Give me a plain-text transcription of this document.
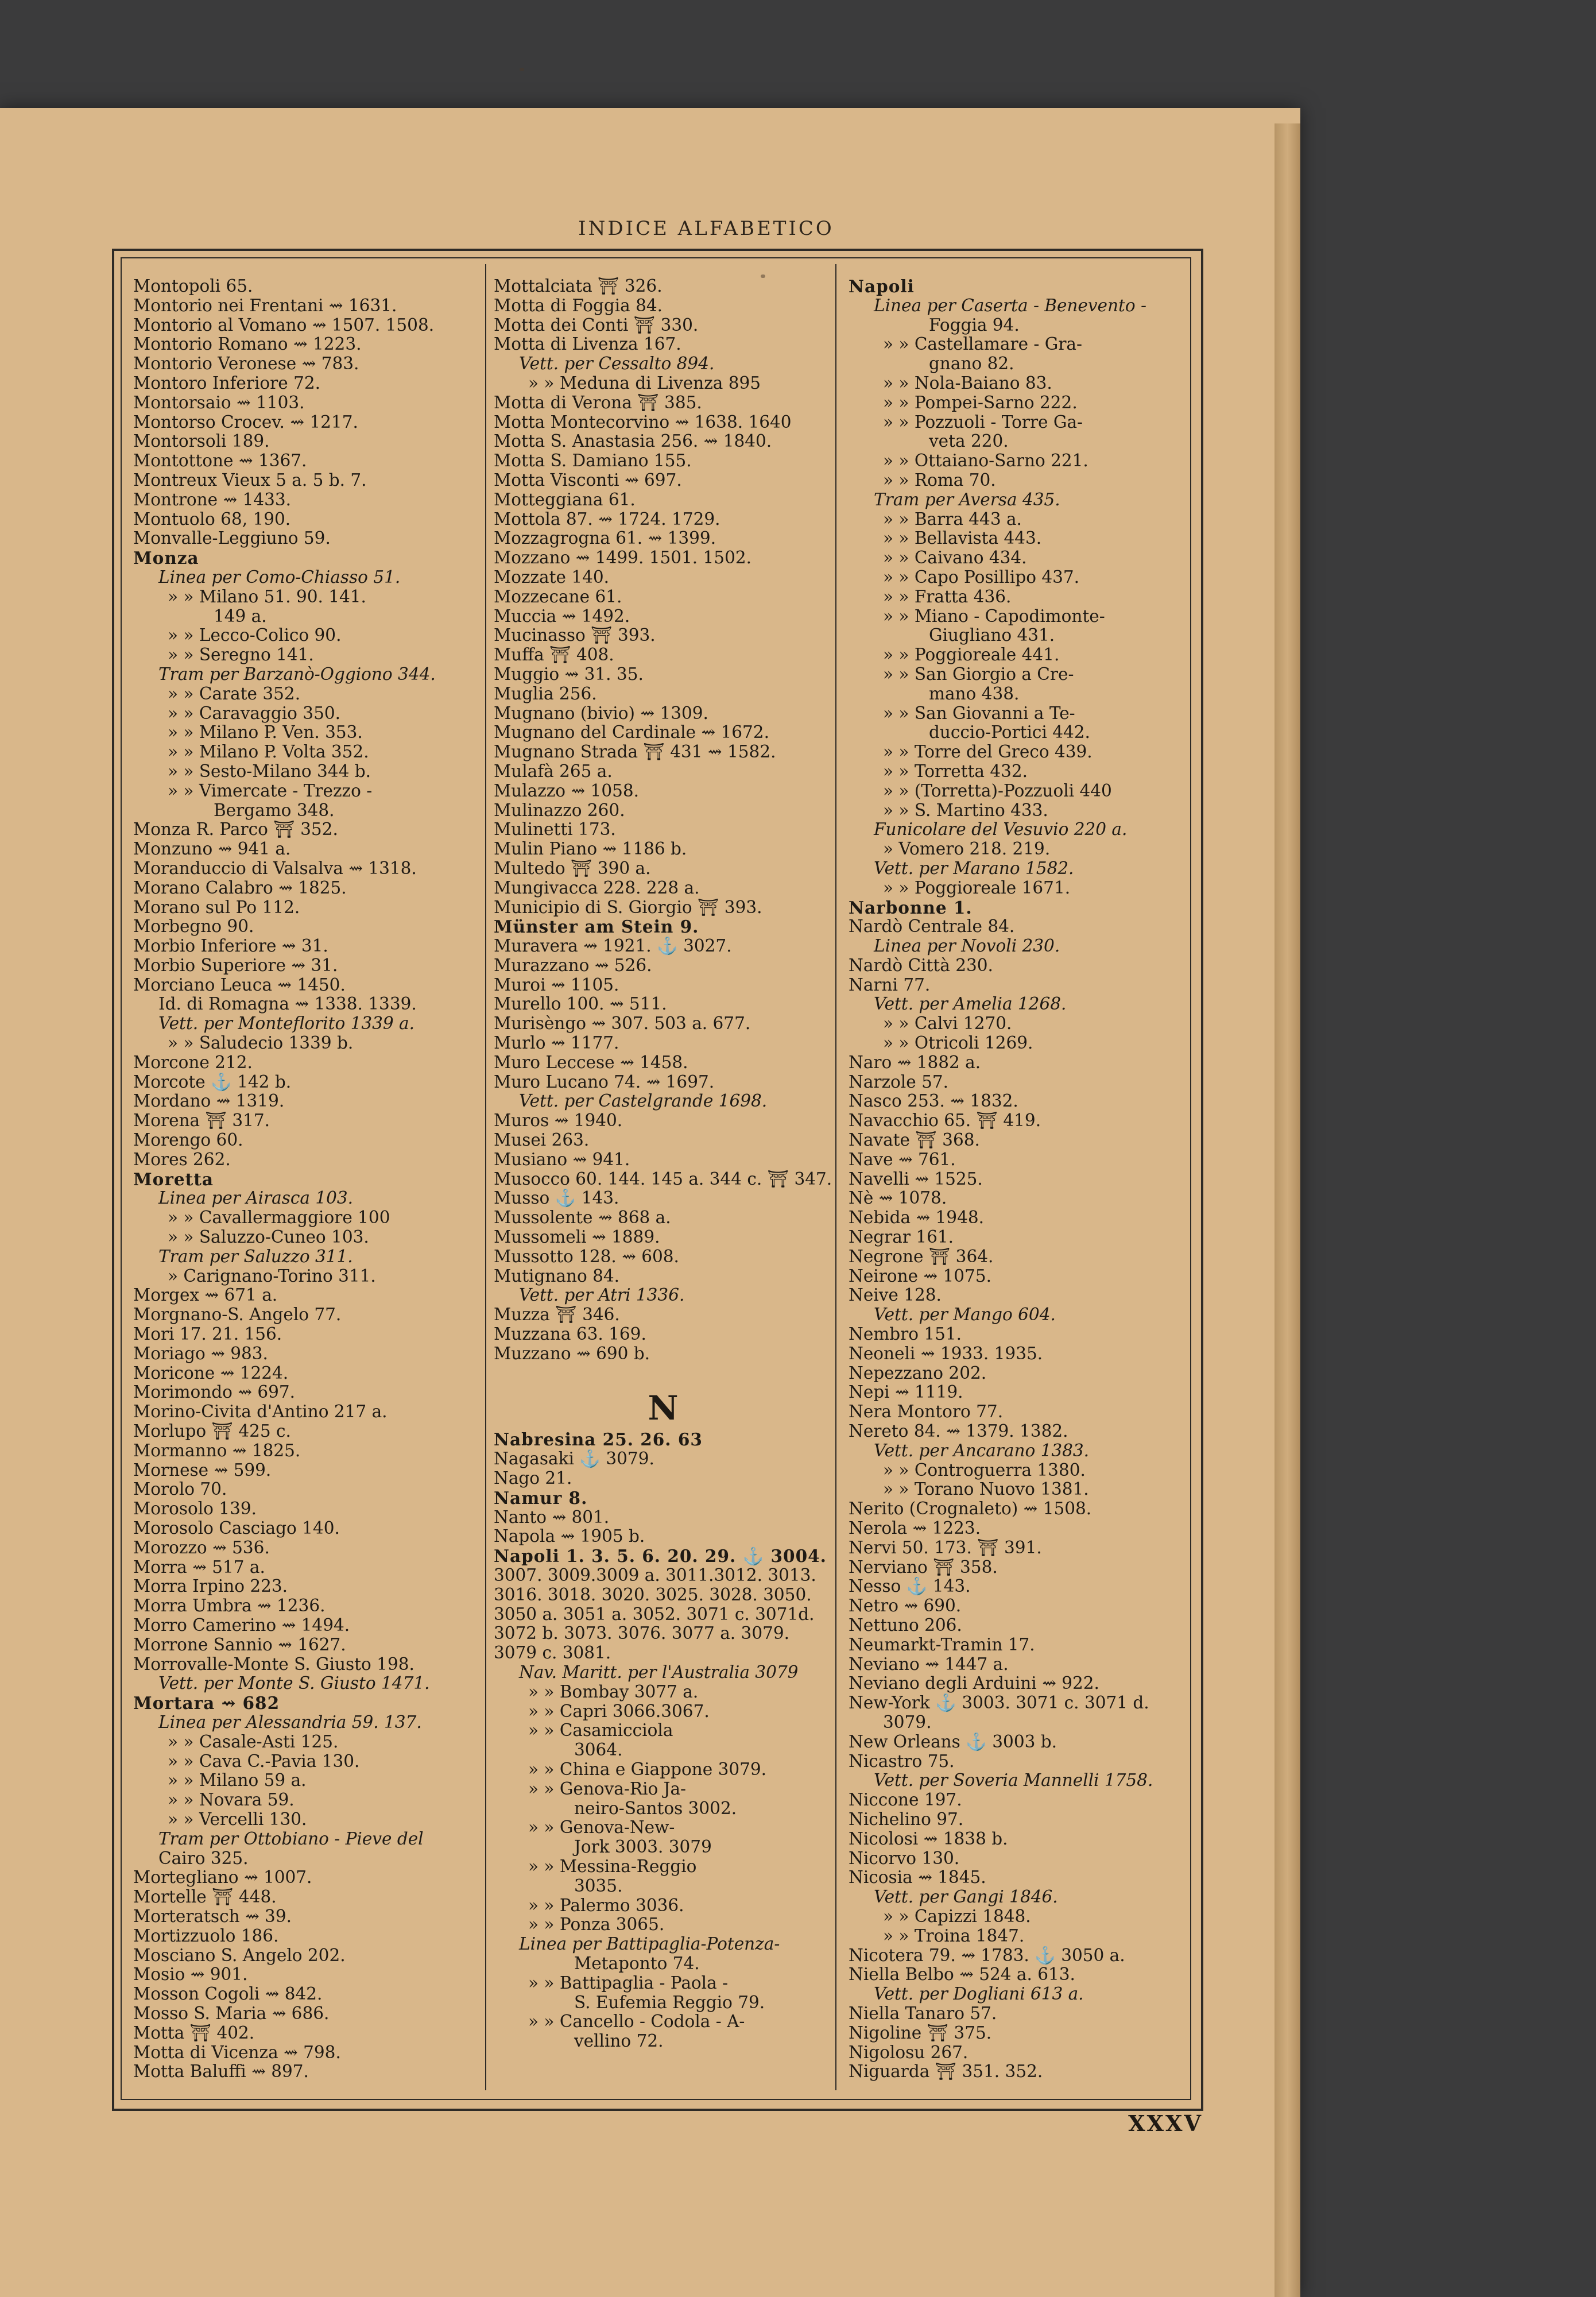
INDICE ALFABETICO
Montopoli 65.
Montorio nei Frentani ⇝ 1631.
Montorio al Vomano ⇝ 1507. 1508.
Montorio Romano ⇝ 1223.
Montorio Veronese ⇝ 783.
Montoro Inferiore 72.
Montorsaio ⇝ 1103.
Montorso Crocev. ⇝ 1217.
Montorsoli 189.
Montottone ⇝ 1367.
Montreux Vieux 5 a. 5 b. 7.
Montrone ⇝ 1433.
Montuolo 68, 190.
Monvalle-Leggiuno 59.
Monza
Linea per Como-Chiasso 51.
» » Milano 51. 90. 141.
149 a.
» » Lecco-Colico 90.
» » Seregno 141.
Tram per Barzanò-Oggiono 344.
» » Carate 352.
» » Caravaggio 350.
» » Milano P. Ven. 353.
» » Milano P. Volta 352.
» » Sesto-Milano 344 b.
» » Vimercate - Trezzo -
Bergamo 348.
Monza R. Parco ⛩ 352.
Monzuno ⇝ 941 a.
Moranduccio di Valsalva ⇝ 1318.
Morano Calabro ⇝ 1825.
Morano sul Po 112.
Morbegno 90.
Morbio Inferiore ⇝ 31.
Morbio Superiore ⇝ 31.
Morciano Leuca ⇝ 1450.
Id. di Romagna ⇝ 1338. 1339.
Vett. per Monteflorito 1339 a.
» » Saludecio 1339 b.
Morcone 212.
Morcote ⚓ 142 b.
Mordano ⇝ 1319.
Morena ⛩ 317.
Morengo 60.
Mores 262.
Moretta
Linea per Airasca 103.
» » Cavallermaggiore 100
» » Saluzzo-Cuneo 103.
Tram per Saluzzo 311.
» Carignano-Torino 311.
Morgex ⇝ 671 a.
Morgnano-S. Angelo 77.
Mori 17. 21. 156.
Moriago ⇝ 983.
Moricone ⇝ 1224.
Morimondo ⇝ 697.
Morino-Civita d'Antino 217 a.
Morlupo ⛩ 425 c.
Mormanno ⇝ 1825.
Mornese ⇝ 599.
Morolo 70.
Morosolo 139.
Morosolo Casciago 140.
Morozzo ⇝ 536.
Morra ⇝ 517 a.
Morra Irpino 223.
Morra Umbra ⇝ 1236.
Morro Camerino ⇝ 1494.
Morrone Sannio ⇝ 1627.
Morrovalle-Monte S. Giusto 198.
Vett. per Monte S. Giusto 1471.
Mortara ⇝ 682
Linea per Alessandria 59. 137.
» » Casale-Asti 125.
» » Cava C.-Pavia 130.
» » Milano 59 a.
» » Novara 59.
» » Vercelli 130.
Tram per Ottobiano - Pieve del
Cairo 325.
Mortegliano ⇝ 1007.
Mortelle ⛩ 448.
Morteratsch ⇝ 39.
Mortizzuolo 186.
Mosciano S. Angelo 202.
Mosio ⇝ 901.
Mosson Cogoli ⇝ 842.
Mosso S. Maria ⇝ 686.
Motta ⛩ 402.
Motta di Vicenza ⇝ 798.
Motta Baluffi ⇝ 897.
Mottalciata ⛩ 326.
Motta di Foggia 84.
Motta dei Conti ⛩ 330.
Motta di Livenza 167.
Vett. per Cessalto 894.
» » Meduna di Livenza 895
Motta di Verona ⛩ 385.
Motta Montecorvino ⇝ 1638. 1640
Motta S. Anastasia 256. ⇝ 1840.
Motta S. Damiano 155.
Motta Visconti ⇝ 697.
Motteggiana 61.
Mottola 87. ⇝ 1724. 1729.
Mozzagrogna 61. ⇝ 1399.
Mozzano ⇝ 1499. 1501. 1502.
Mozzate 140.
Mozzecane 61.
Muccia ⇝ 1492.
Mucinasso ⛩ 393.
Muffa ⛩ 408.
Muggio ⇝ 31. 35.
Muglia 256.
Mugnano (bivio) ⇝ 1309.
Mugnano del Cardinale ⇝ 1672.
Mugnano Strada ⛩ 431 ⇝ 1582.
Mulafà 265 a.
Mulazzo ⇝ 1058.
Mulinazzo 260.
Mulinetti 173.
Mulin Piano ⇝ 1186 b.
Multedo ⛩ 390 a.
Mungivacca 228. 228 a.
Municipio di S. Giorgio ⛩ 393.
Münster am Stein 9.
Muravera ⇝ 1921. ⚓ 3027.
Murazzano ⇝ 526.
Muroi ⇝ 1105.
Murello 100. ⇝ 511.
Murisèngo ⇝ 307. 503 a. 677.
Murlo ⇝ 1177.
Muro Leccese ⇝ 1458.
Muro Lucano 74. ⇝ 1697.
Vett. per Castelgrande 1698.
Muros ⇝ 1940.
Musei 263.
Musiano ⇝ 941.
Musocco 60. 144. 145 a. 344 c. ⛩ 347.
Musso ⚓ 143.
Mussolente ⇝ 868 a.
Mussomeli ⇝ 1889.
Mussotto 128. ⇝ 608.
Mutignano 84.
Vett. per Atri 1336.
Muzza ⛩ 346.
Muzzana 63. 169.
Muzzano ⇝ 690 b.
N
Nabresina 25. 26. 63
Nagasaki ⚓ 3079.
Nago 21.
Namur 8.
Nanto ⇝ 801.
Napola ⇝ 1905 b.
Napoli 1. 3. 5. 6. 20. 29. ⚓ 3004.
3007. 3009.3009 a. 3011.3012. 3013.
3016. 3018. 3020. 3025. 3028. 3050.
3050 a. 3051 a. 3052. 3071 c. 3071d.
3072 b. 3073. 3076. 3077 a. 3079.
3079 c. 3081.
Nav. Maritt. per l'Australia 3079
» » Bombay 3077 a.
» » Capri 3066.3067.
» » Casamicciola
3064.
» » China e Giappone 3079.
» » Genova-Rio Ja-
neiro-Santos 3002.
» » Genova-New-
Jork 3003. 3079
» » Messina-Reggio
3035.
» » Palermo 3036.
» » Ponza 3065.
Linea per Battipaglia-Potenza-
Metaponto 74.
» » Battipaglia - Paola -
S. Eufemia Reggio 79.
» » Cancello - Codola - A-
vellino 72.
Napoli
Linea per Caserta - Benevento -
Foggia 94.
» » Castellamare - Gra-
gnano 82.
» » Nola-Baiano 83.
» » Pompei-Sarno 222.
» » Pozzuoli - Torre Ga-
veta 220.
» » Ottaiano-Sarno 221.
» » Roma 70.
Tram per Aversa 435.
» » Barra 443 a.
» » Bellavista 443.
» » Caivano 434.
» » Capo Posillipo 437.
» » Fratta 436.
» » Miano - Capodimonte-
Giugliano 431.
» » Poggioreale 441.
» » San Giorgio a Cre-
mano 438.
» » San Giovanni a Te-
duccio-Portici 442.
» » Torre del Greco 439.
» » Torretta 432.
» » (Torretta)-Pozzuoli 440
» » S. Martino 433.
Funicolare del Vesuvio 220 a.
» Vomero 218. 219.
Vett. per Marano 1582.
» » Poggioreale 1671.
Narbonne 1.
Nardò Centrale 84.
Linea per Novoli 230.
Nardò Città 230.
Narni 77.
Vett. per Amelia 1268.
» » Calvi 1270.
» » Otricoli 1269.
Naro ⇝ 1882 a.
Narzole 57.
Nasco 253. ⇝ 1832.
Navacchio 65. ⛩ 419.
Navate ⛩ 368.
Nave ⇝ 761.
Navelli ⇝ 1525.
Nè ⇝ 1078.
Nebida ⇝ 1948.
Negrar 161.
Negrone ⛩ 364.
Neirone ⇝ 1075.
Neive 128.
Vett. per Mango 604.
Nembro 151.
Neoneli ⇝ 1933. 1935.
Nepezzano 202.
Nepi ⇝ 1119.
Nera Montoro 77.
Nereto 84. ⇝ 1379. 1382.
Vett. per Ancarano 1383.
» » Controguerra 1380.
» » Torano Nuovo 1381.
Nerito (Crognaleto) ⇝ 1508.
Nerola ⇝ 1223.
Nervi 50. 173. ⛩ 391.
Nerviano ⛩ 358.
Nesso ⚓ 143.
Netro ⇝ 690.
Nettuno 206.
Neumarkt-Tramin 17.
Neviano ⇝ 1447 a.
Neviano degli Arduini ⇝ 922.
New-York ⚓ 3003. 3071 c. 3071 d.
3079.
New Orleans ⚓ 3003 b.
Nicastro 75.
Vett. per Soveria Mannelli 1758.
Niccone 197.
Nichelino 97.
Nicolosi ⇝ 1838 b.
Nicorvo 130.
Nicosia ⇝ 1845.
Vett. per Gangi 1846.
» » Capizzi 1848.
» » Troina 1847.
Nicotera 79. ⇝ 1783. ⚓ 3050 a.
Niella Belbo ⇝ 524 a. 613.
Vett. per Dogliani 613 a.
Niella Tanaro 57.
Nigoline ⛩ 375.
Nigolosu 267.
Niguarda ⛩ 351. 352.
XXXV
